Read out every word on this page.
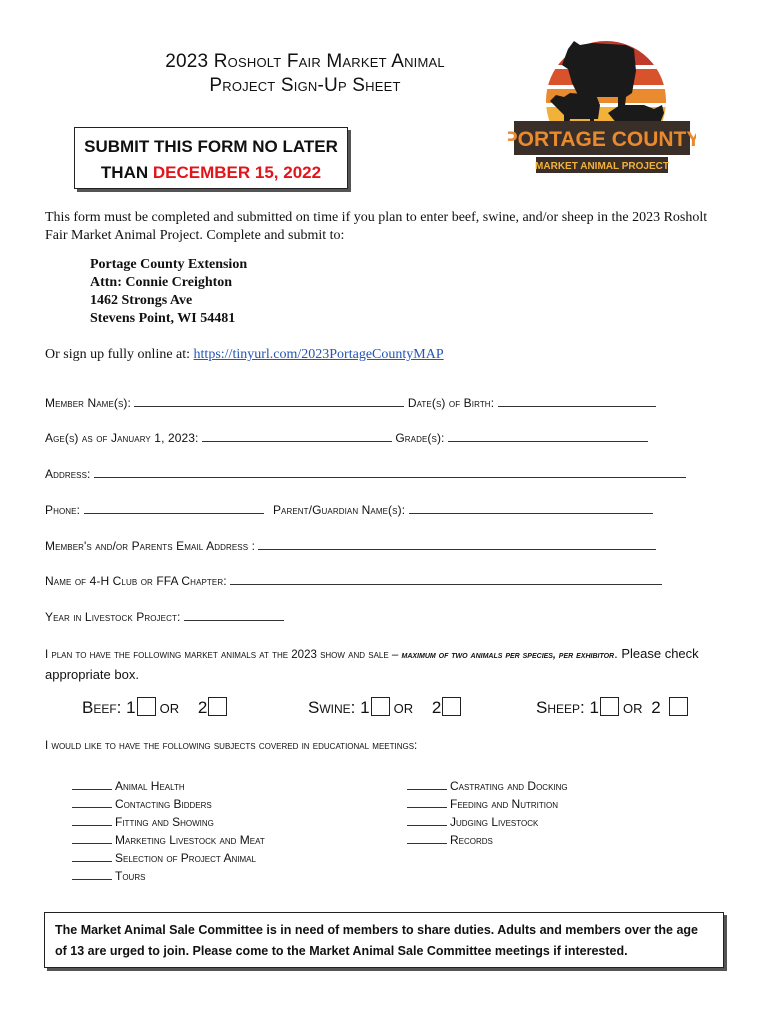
2023 Rosholt Fair Market Animal
Project Sign-Up Sheet
SUBMIT THIS FORM NO LATER
THAN DECEMBER 15, 2022
PORTAGE COUNTY
MARKET ANIMAL PROJECT
This form must be completed and submitted on time if you plan to enter beef, swine, and/or sheep in the 2023 Rosholt Fair Market Animal Project. Complete and submit to:
Portage County Extension
Attn: Connie Creighton
1462 Strongs Ave
Stevens Point, WI 54481
Or sign up fully online at: https://tinyurl.com/2023PortageCountyMAP
Member Name(s):	Date(s) of Birth:
Age(s) as of January 1, 2023:	Grade(s):
Address:
Phone:	Parent/Guardian Name(s):
Member's and/or Parents Email Address :
Name of 4-H Club or FFA Chapter:
Year in Livestock Project:
I plan to have the following market animals at the 2023 show and sale – maximum of two animals per species, per exhibitor. Please check appropriate box.
Beef: 1 OR 2	Swine: 1 OR 2	Sheep: 1 OR 2
I would like to have the following subjects covered in educational meetings:
Animal Health
Contacting Bidders
Fitting and Showing
Marketing Livestock and Meat
Selection of Project Animal
Tours
Castrating and Docking
Feeding and Nutrition
Judging Livestock
Records
The Market Animal Sale Committee is in need of members to share duties. Adults and members over the age of 13 are urged to join. Please come to the Market Animal Sale Committee meetings if interested.
